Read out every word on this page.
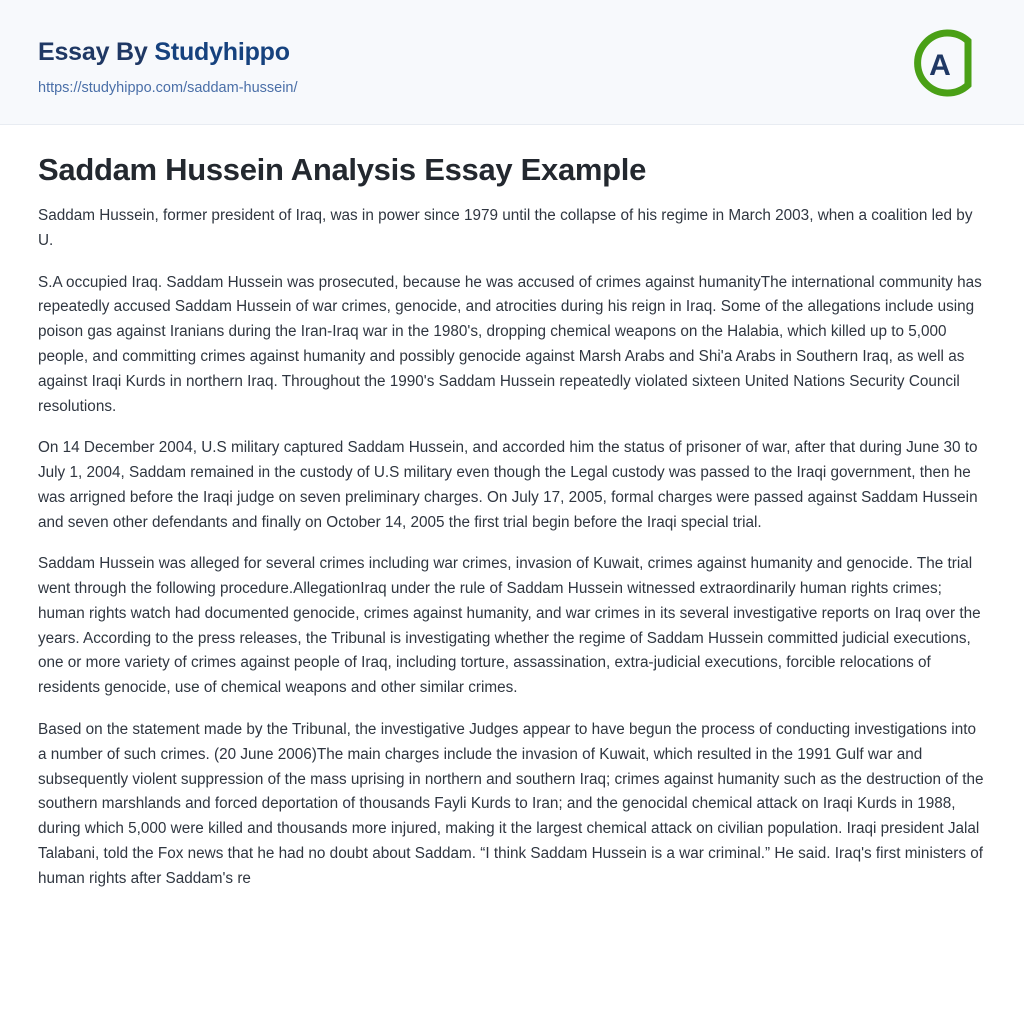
Essay By Studyhippo
https://studyhippo.com/saddam-hussein/
A
Saddam Hussein Analysis Essay Example

Saddam Hussein, former president of Iraq, was in power since 1979 until the collapse of his regime in March 2003, when a coalition led by U.

S.A occupied Iraq. Saddam Hussein was prosecuted, because he was accused of crimes against humanityThe international community has repeatedly accused Saddam Hussein of war crimes, genocide, and atrocities during his reign in Iraq. Some of the allegations include using poison gas against Iranians during the Iran-Iraq war in the 1980's, dropping chemical weapons on the Halabia, which killed up to 5,000 people, and committing crimes against humanity and possibly genocide against Marsh Arabs and Shi'a Arabs in Southern Iraq, as well as against Iraqi Kurds in northern Iraq. Throughout the 1990's Saddam Hussein repeatedly violated sixteen United Nations Security Council resolutions.

On 14 December 2004, U.S military captured Saddam Hussein, and accorded him the status of prisoner of war, after that during June 30 to July 1, 2004, Saddam remained in the custody of U.S military even though the Legal custody was passed to the Iraqi government, then he was arrigned before the Iraqi judge on seven preliminary charges. On July 17, 2005, formal charges were passed against Saddam Hussein and seven other defendants and finally on October 14, 2005 the first trial begin before the Iraqi special trial.

Saddam Hussein was alleged for several crimes including war crimes, invasion of Kuwait, crimes against humanity and genocide. The trial went through the following procedure.AllegationIraq under the rule of Saddam Hussein witnessed extraordinarily human rights crimes; human rights watch had documented genocide, crimes against humanity, and war crimes in its several investigative reports on Iraq over the years. According to the press releases, the Tribunal is investigating whether the regime of Saddam Hussein committed judicial executions, one or more variety of crimes against people of Iraq, including torture, assassination, extra-judicial executions, forcible relocations of residents genocide, use of chemical weapons and other similar crimes.

Based on the statement made by the Tribunal, the investigative Judges appear to have begun the process of conducting investigations into a number of such crimes. (20 June 2006)The main charges include the invasion of Kuwait, which resulted in the 1991 Gulf war and subsequently violent suppression of the mass uprising in northern and southern Iraq; crimes against humanity such as the destruction of the southern marshlands and forced deportation of thousands Fayli Kurds to Iran; and the genocidal chemical attack on Iraqi Kurds in 1988, during which 5,000 were killed and thousands more injured, making it the largest chemical attack on civilian population. Iraqi president Jalal Talabani, told the Fox news that he had no doubt about Saddam. “I think Saddam Hussein is a war criminal.” He said. Iraq's first ministers of human rights after Saddam's re
